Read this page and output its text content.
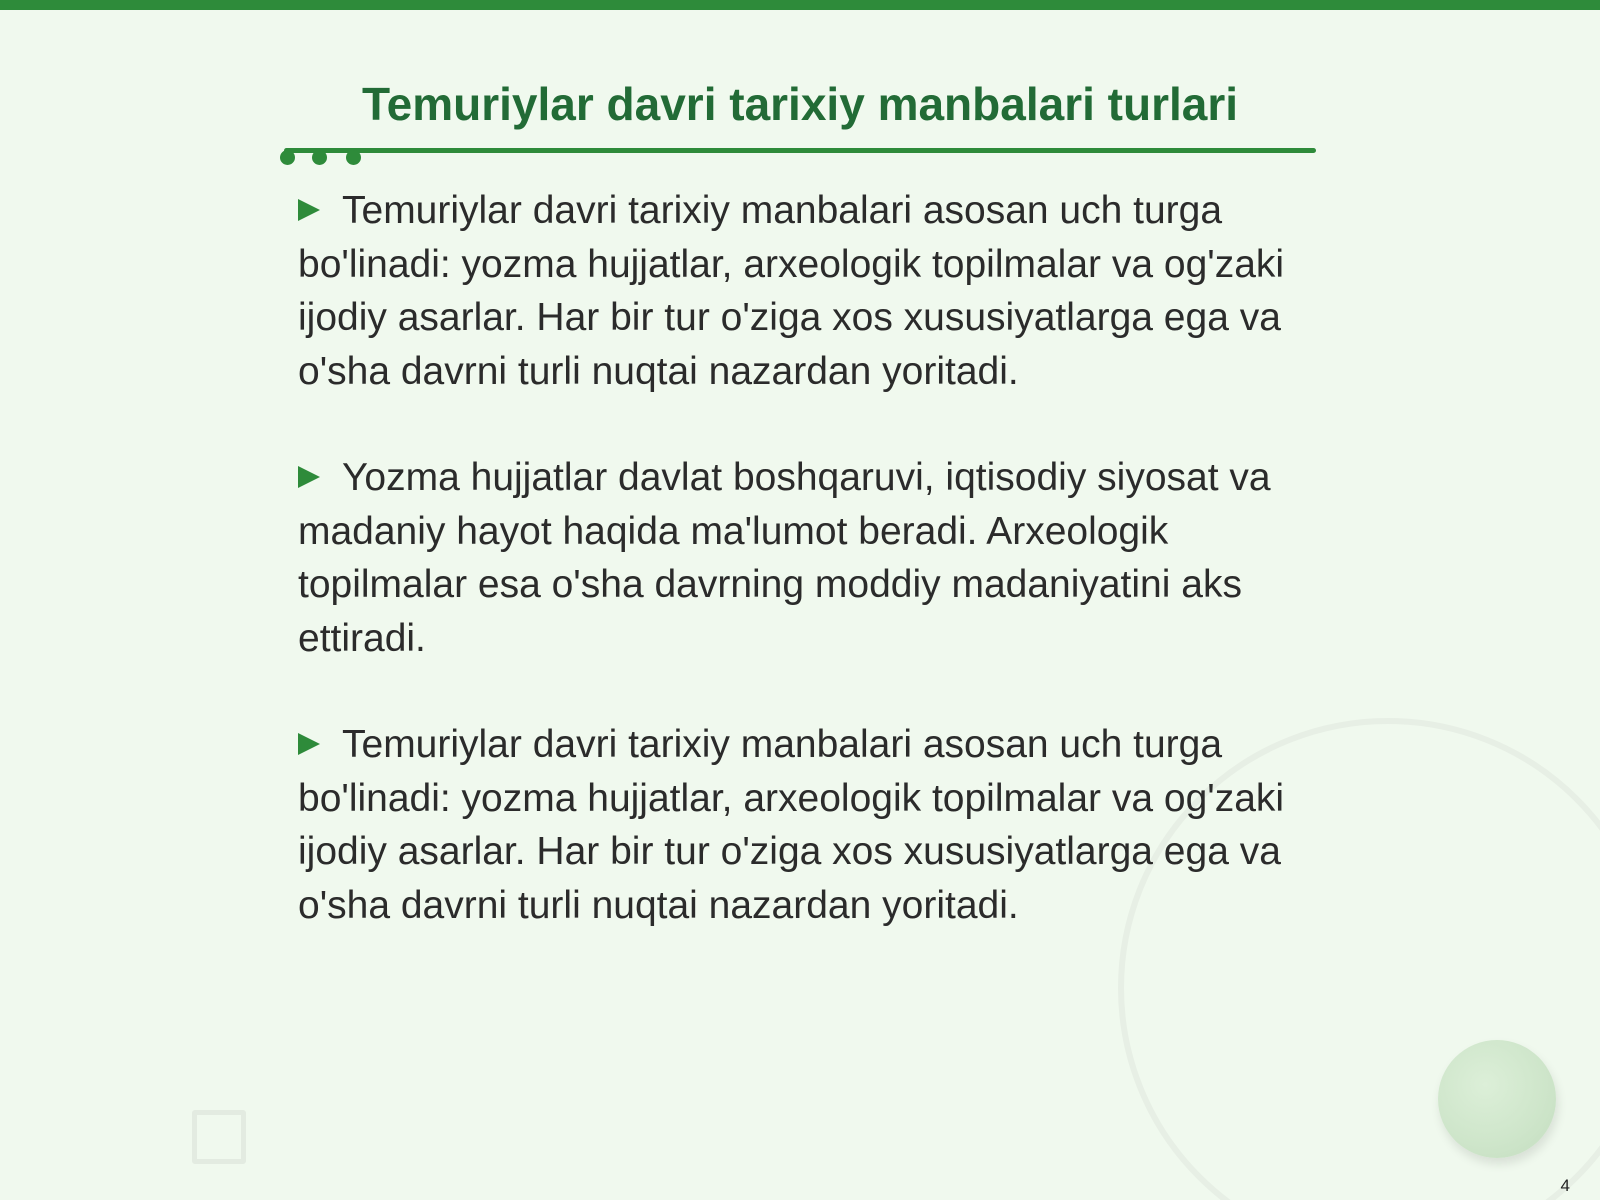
Temuriylar davri tarixiy manbalari turlari

Temuriylar davri tarixiy manbalari asosan uch turga bo'linadi: yozma hujjatlar, arxeologik topilmalar va og'zaki ijodiy asarlar. Har bir tur o'ziga xos xususiyatlarga ega va o'sha davrni turli nuqtai nazardan yoritadi.

Yozma hujjatlar davlat boshqaruvi, iqtisodiy siyosat va madaniy hayot haqida ma'lumot beradi. Arxeologik topilmalar esa o'sha davrning moddiy madaniyatini aks ettiradi.

Temuriylar davri tarixiy manbalari asosan uch turga bo'linadi: yozma hujjatlar, arxeologik topilmalar va og'zaki ijodiy asarlar. Har bir tur o'ziga xos xususiyatlarga ega va o'sha davrni turli nuqtai nazardan yoritadi.

4
